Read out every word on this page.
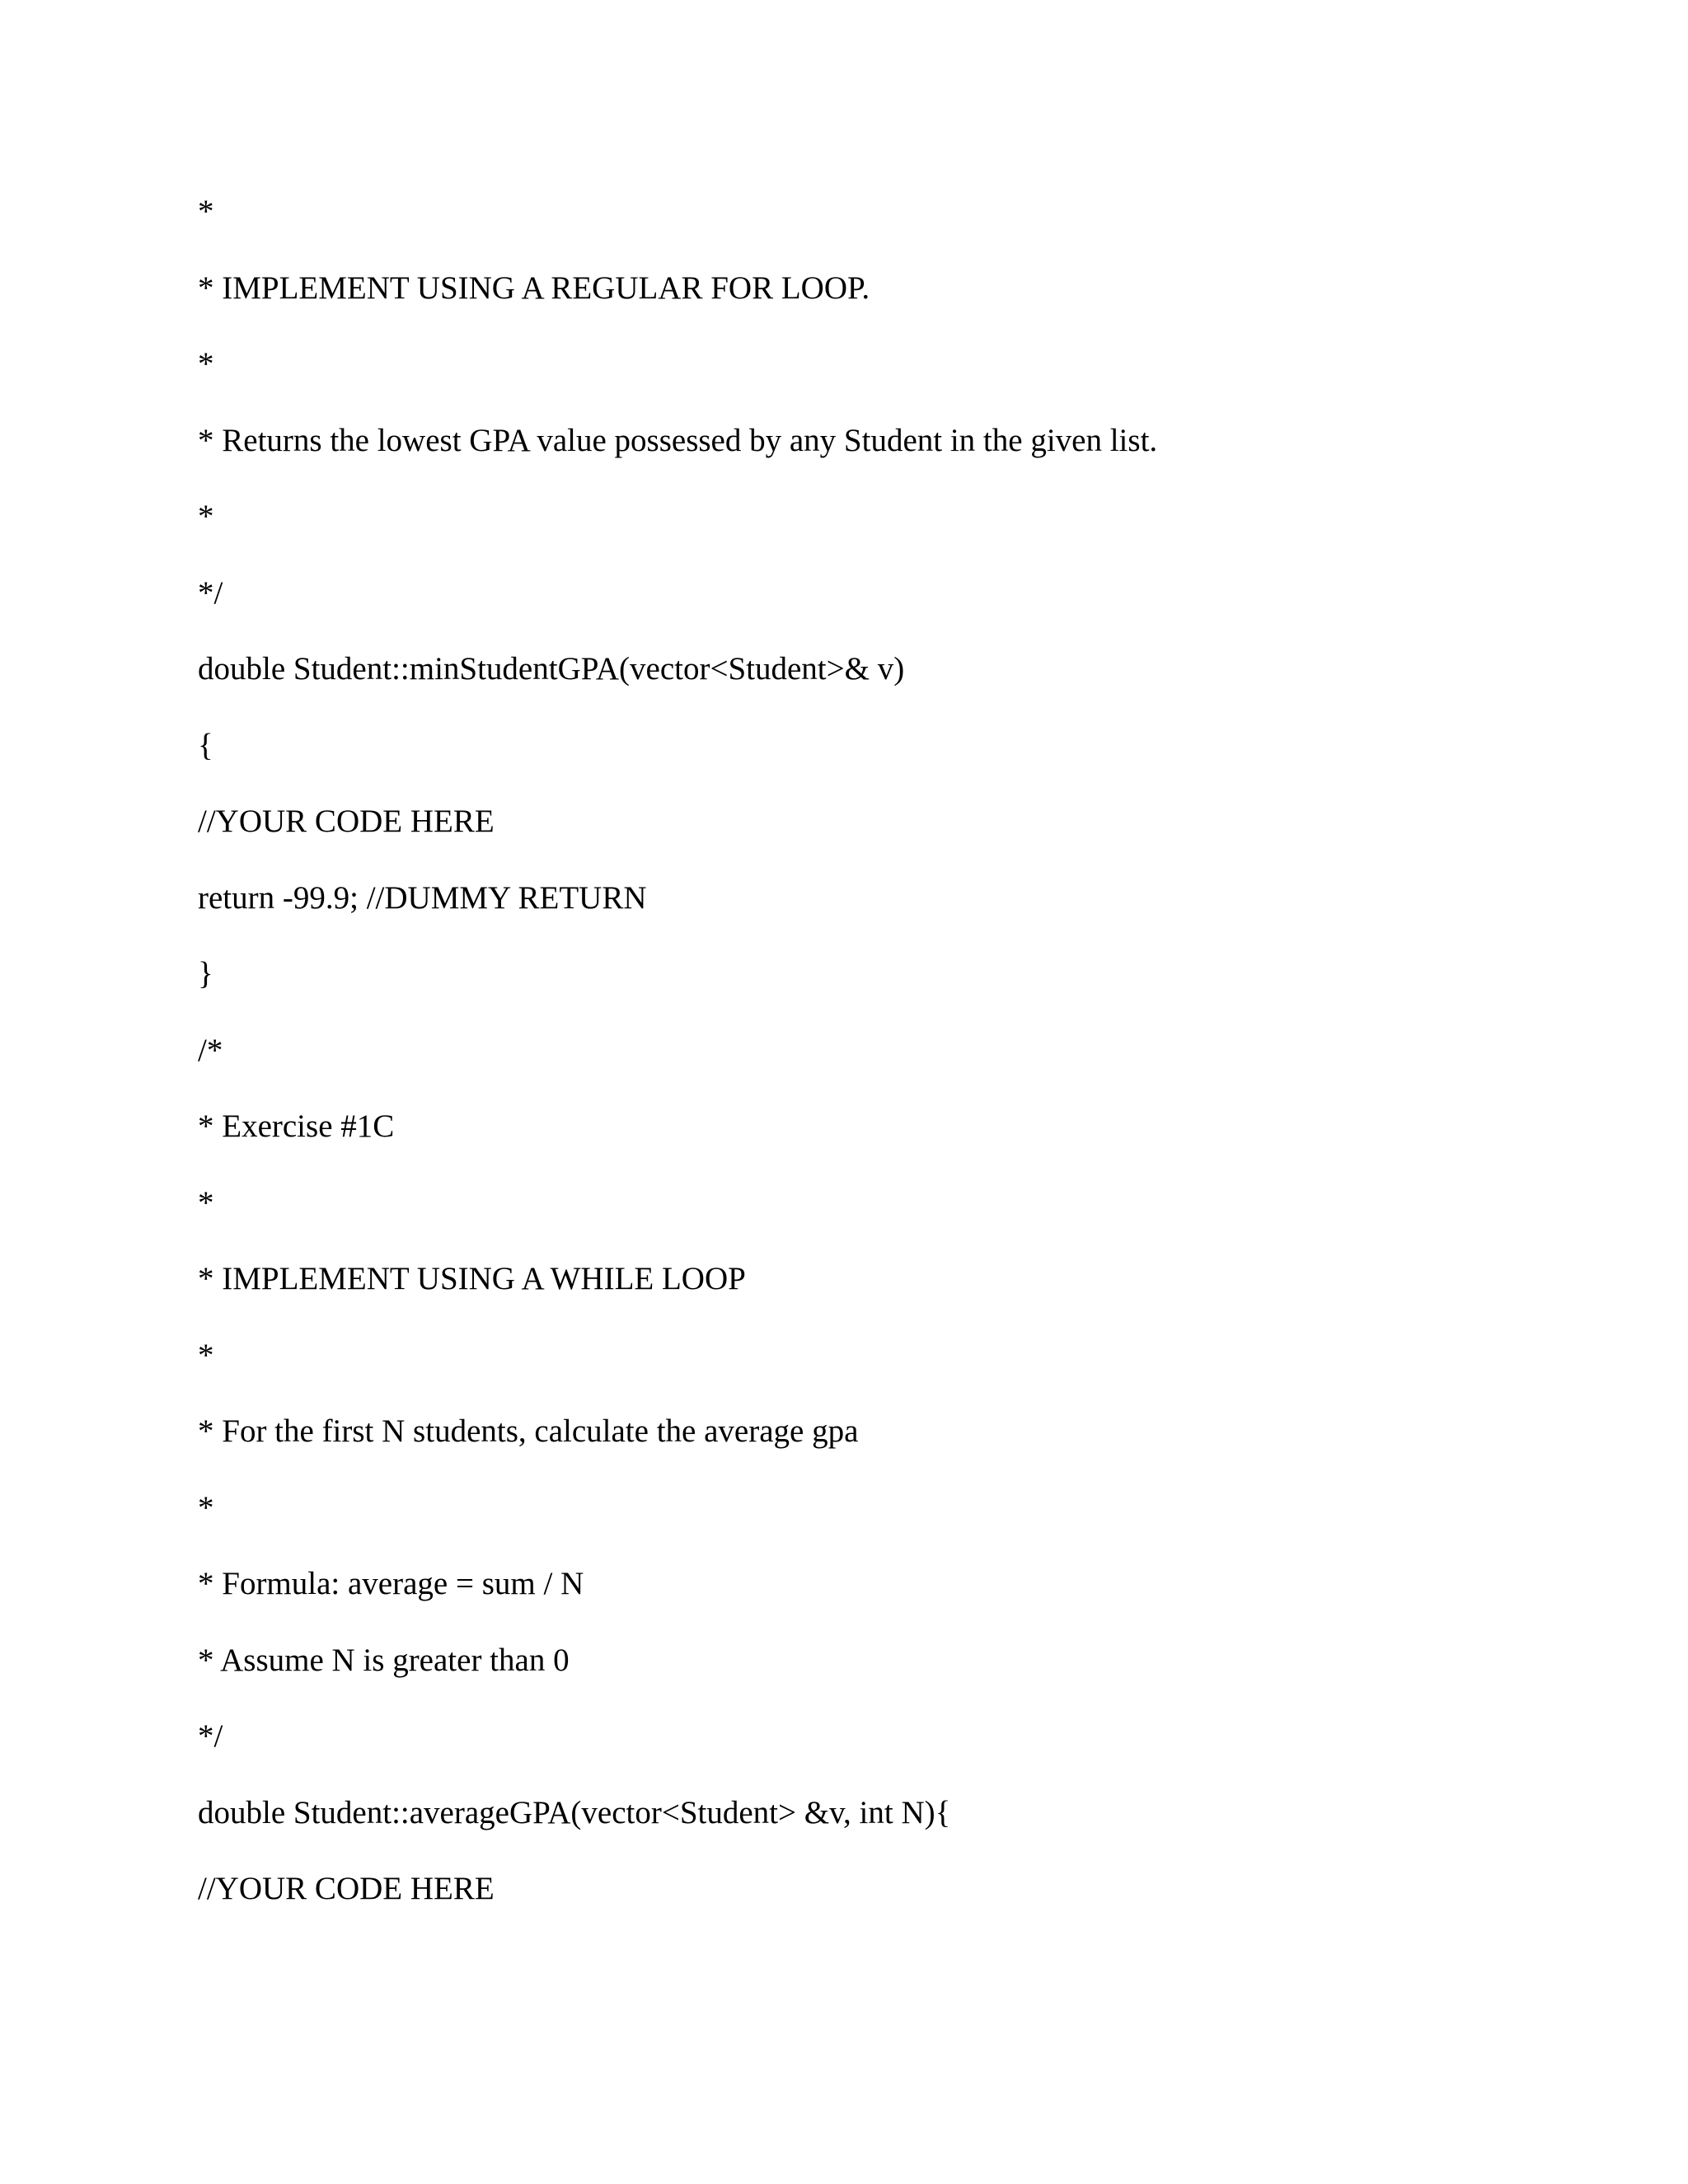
*
* IMPLEMENT USING A REGULAR FOR LOOP.
*
* Returns the lowest GPA value possessed by any Student in the given list.
*
*/
double Student::minStudentGPA(vector<Student>& v)
{
//YOUR CODE HERE
return -99.9; //DUMMY RETURN
}
/*
* Exercise #1C
*
* IMPLEMENT USING A WHILE LOOP
*
* For the first N students, calculate the average gpa
*
* Formula: average = sum / N
* Assume N is greater than 0
*/
double Student::averageGPA(vector<Student> &v, int N){
//YOUR CODE HERE
